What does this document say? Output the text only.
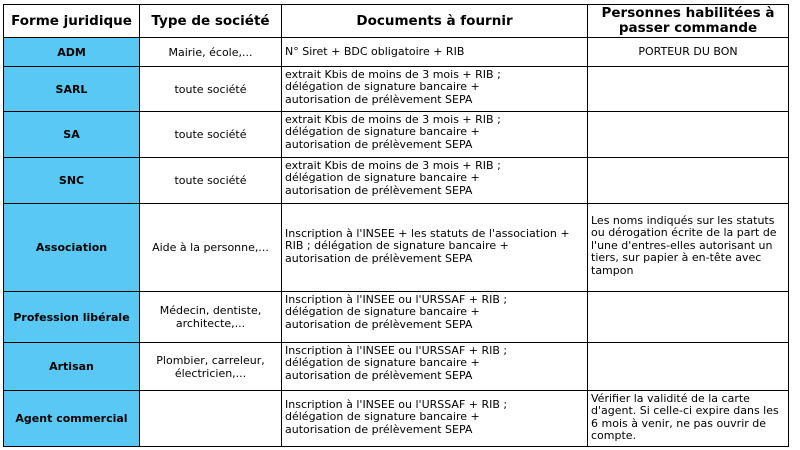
Forme juridique	Type de société	Documents à fournir	Personnes habilitées à passer commande
ADM	Mairie, école,...	N° Siret + BDC obligatoire + RIB	PORTEUR DU BON
SARL	toute société	extrait Kbis de moins de 3 mois + RIB ;
délégation de signature bancaire +
autorisation de prélèvement SEPA	
SA	toute société	extrait Kbis de moins de 3 mois + RIB ;
délégation de signature bancaire +
autorisation de prélèvement SEPA	
SNC	toute société	extrait Kbis de moins de 3 mois + RIB ;
délégation de signature bancaire +
autorisation de prélèvement SEPA	
Association	Aide à la personne,...	Inscription à l'INSEE + les statuts de l'association +
RIB ; délégation de signature bancaire +
autorisation de prélèvement SEPA	Les noms indiqués sur les statuts
ou dérogation écrite de la part de
l'une d'entres-elles autorisant un
tiers, sur papier à en-tête avec
tampon
Profession libérale	Médecin, dentiste, architecte,...	Inscription à l'INSEE ou l'URSSAF + RIB ;
délégation de signature bancaire +
autorisation de prélèvement SEPA	
Artisan	Plombier, carreleur, électricien,...	Inscription à l'INSEE ou l'URSSAF + RIB ;
délégation de signature bancaire +
autorisation de prélèvement SEPA	
Agent commercial		Inscription à l'INSEE ou l'URSSAF + RIB ;
délégation de signature bancaire +
autorisation de prélèvement SEPA	Vérifier la validité de la carte
d'agent. Si celle-ci expire dans les
6 mois à venir, ne pas ouvrir de
compte.
